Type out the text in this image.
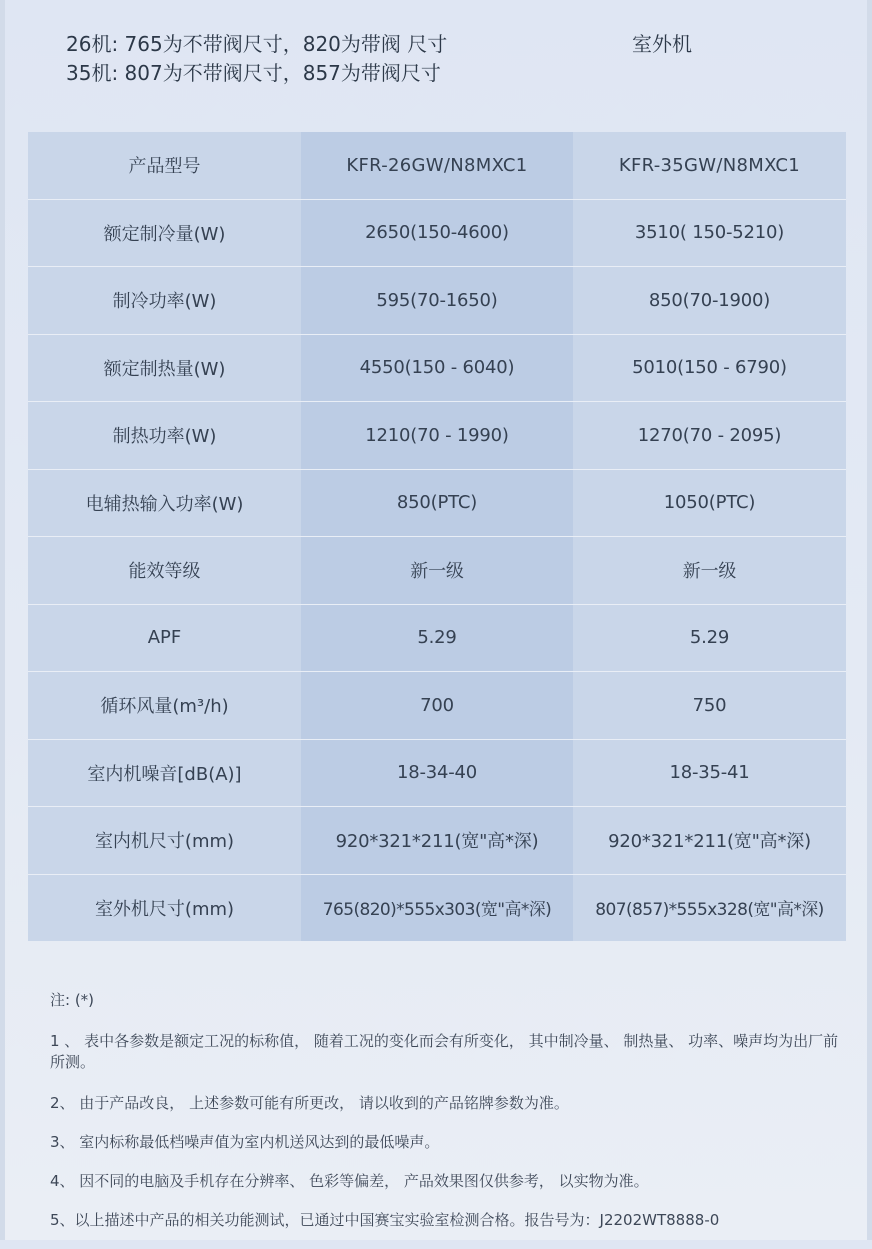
26机: 765为不带阀尺寸，820为带阀 尺寸
35机: 807为不带阀尺寸，857为带阀尺寸
室外机
产品型号	KFR-26GW/N8MXC1	KFR-35GW/N8MXC1
额定制冷量(W)	2650(150-4600)	3510( 150-5210)
制冷功率(W)	595(70-1650)	850(70-1900)
额定制热量(W)	4550(150 - 6040)	5010(150 - 6790)
制热功率(W)	1210(70 - 1990)	1270(70 - 2095)
电辅热输入功率(W)	850(PTC)	1050(PTC)
能效等级	新一级	新一级
APF	5.29	5.29
循环风量(m³/h)	700	750
室内机噪音[dB(A)]	18-34-40	18-35-41
室内机尺寸(mm)	920*321*211(宽"高*深)	920*321*211(宽"高*深)
室外机尺寸(mm)	765(820)*555x303(宽"高*深)	807(857)*555x328(宽"高*深)
注: (*)
1 、 表中各参数是额定工况的标称值， 随着工况的变化而会有所变化， 其中制冷量、 制热量、 功率、噪声均为出厂前所测。
2、 由于产品改良， 上述参数可能有所更改， 请以收到的产品铭牌参数为准。
3、 室内标称最低档噪声值为室内机送风达到的最低噪声。
4、 因不同的电脑及手机存在分辨率、 色彩等偏差， 产品效果图仅供参考， 以实物为准。
5、以上描述中产品的相关功能测试，已通过中国赛宝实验室检测合格。报告号为：J2202WT8888-0
